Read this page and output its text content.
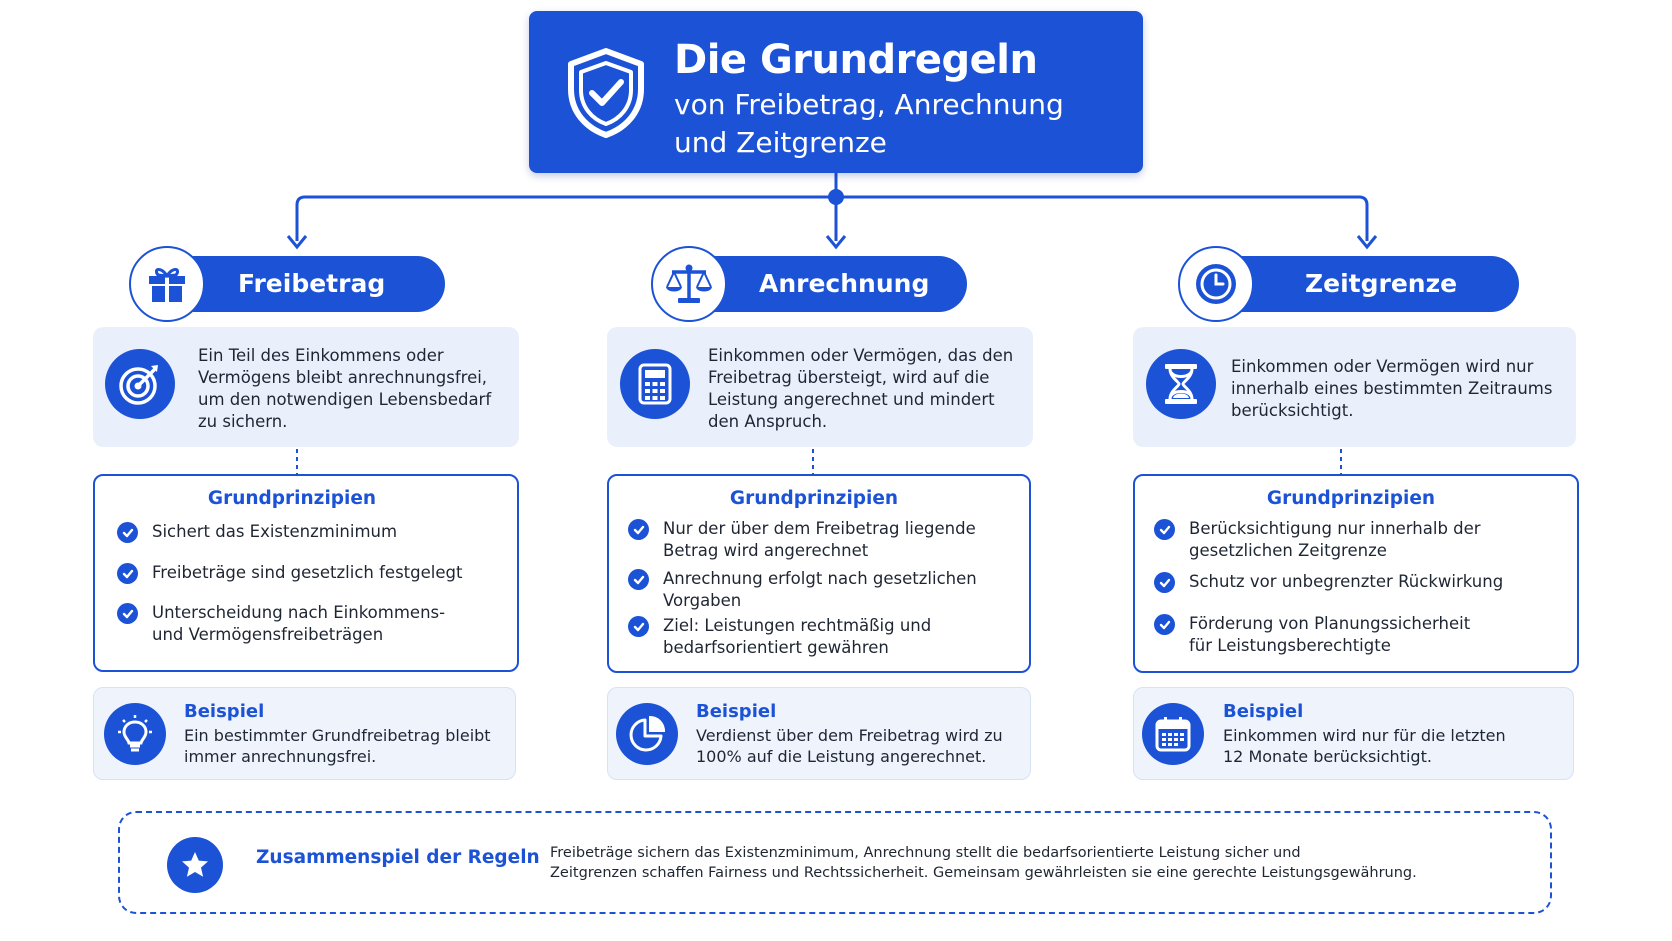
Die Grundregeln
von Freibetrag, Anrechnung
und Zeitgrenze
Freibetrag
Ein Teil des Einkommens oder
Vermögens bleibt anrechnungsfrei,
um den notwendigen Lebensbedarf
zu sichern.
Grundprinzipien
Sichert das Existenzminimum
Freibeträge sind gesetzlich festgelegt
Unterscheidung nach Einkommens-
und Vermögensfreibeträgen
Beispiel
Ein bestimmter Grundfreibetrag bleibt
immer anrechnungsfrei.
Anrechnung
Einkommen oder Vermögen, das den
Freibetrag übersteigt, wird auf die
Leistung angerechnet und mindert
den Anspruch.
Grundprinzipien
Nur der über dem Freibetrag liegende
Betrag wird angerechnet
Anrechnung erfolgt nach gesetzlichen
Vorgaben
Ziel: Leistungen rechtmäßig und
bedarfsorientiert gewähren
Beispiel
Verdienst über dem Freibetrag wird zu
100% auf die Leistung angerechnet.
Zeitgrenze
Einkommen oder Vermögen wird nur
innerhalb eines bestimmten Zeitraums
berücksichtigt.
Grundprinzipien
Berücksichtigung nur innerhalb der
gesetzlichen Zeitgrenze
Schutz vor unbegrenzter Rückwirkung
Förderung von Planungssicherheit
für Leistungsberechtigte
Beispiel
Einkommen wird nur für die letzten
12 Monate berücksichtigt.
Zusammenspiel der Regeln Freibeträge sichern das Existenzminimum, Anrechnung stellt die bedarfsorientierte Leistung sicher und
Zeitgrenzen schaffen Fairness und Rechtssicherheit. Gemeinsam gewährleisten sie eine gerechte Leistungsgewährung.
